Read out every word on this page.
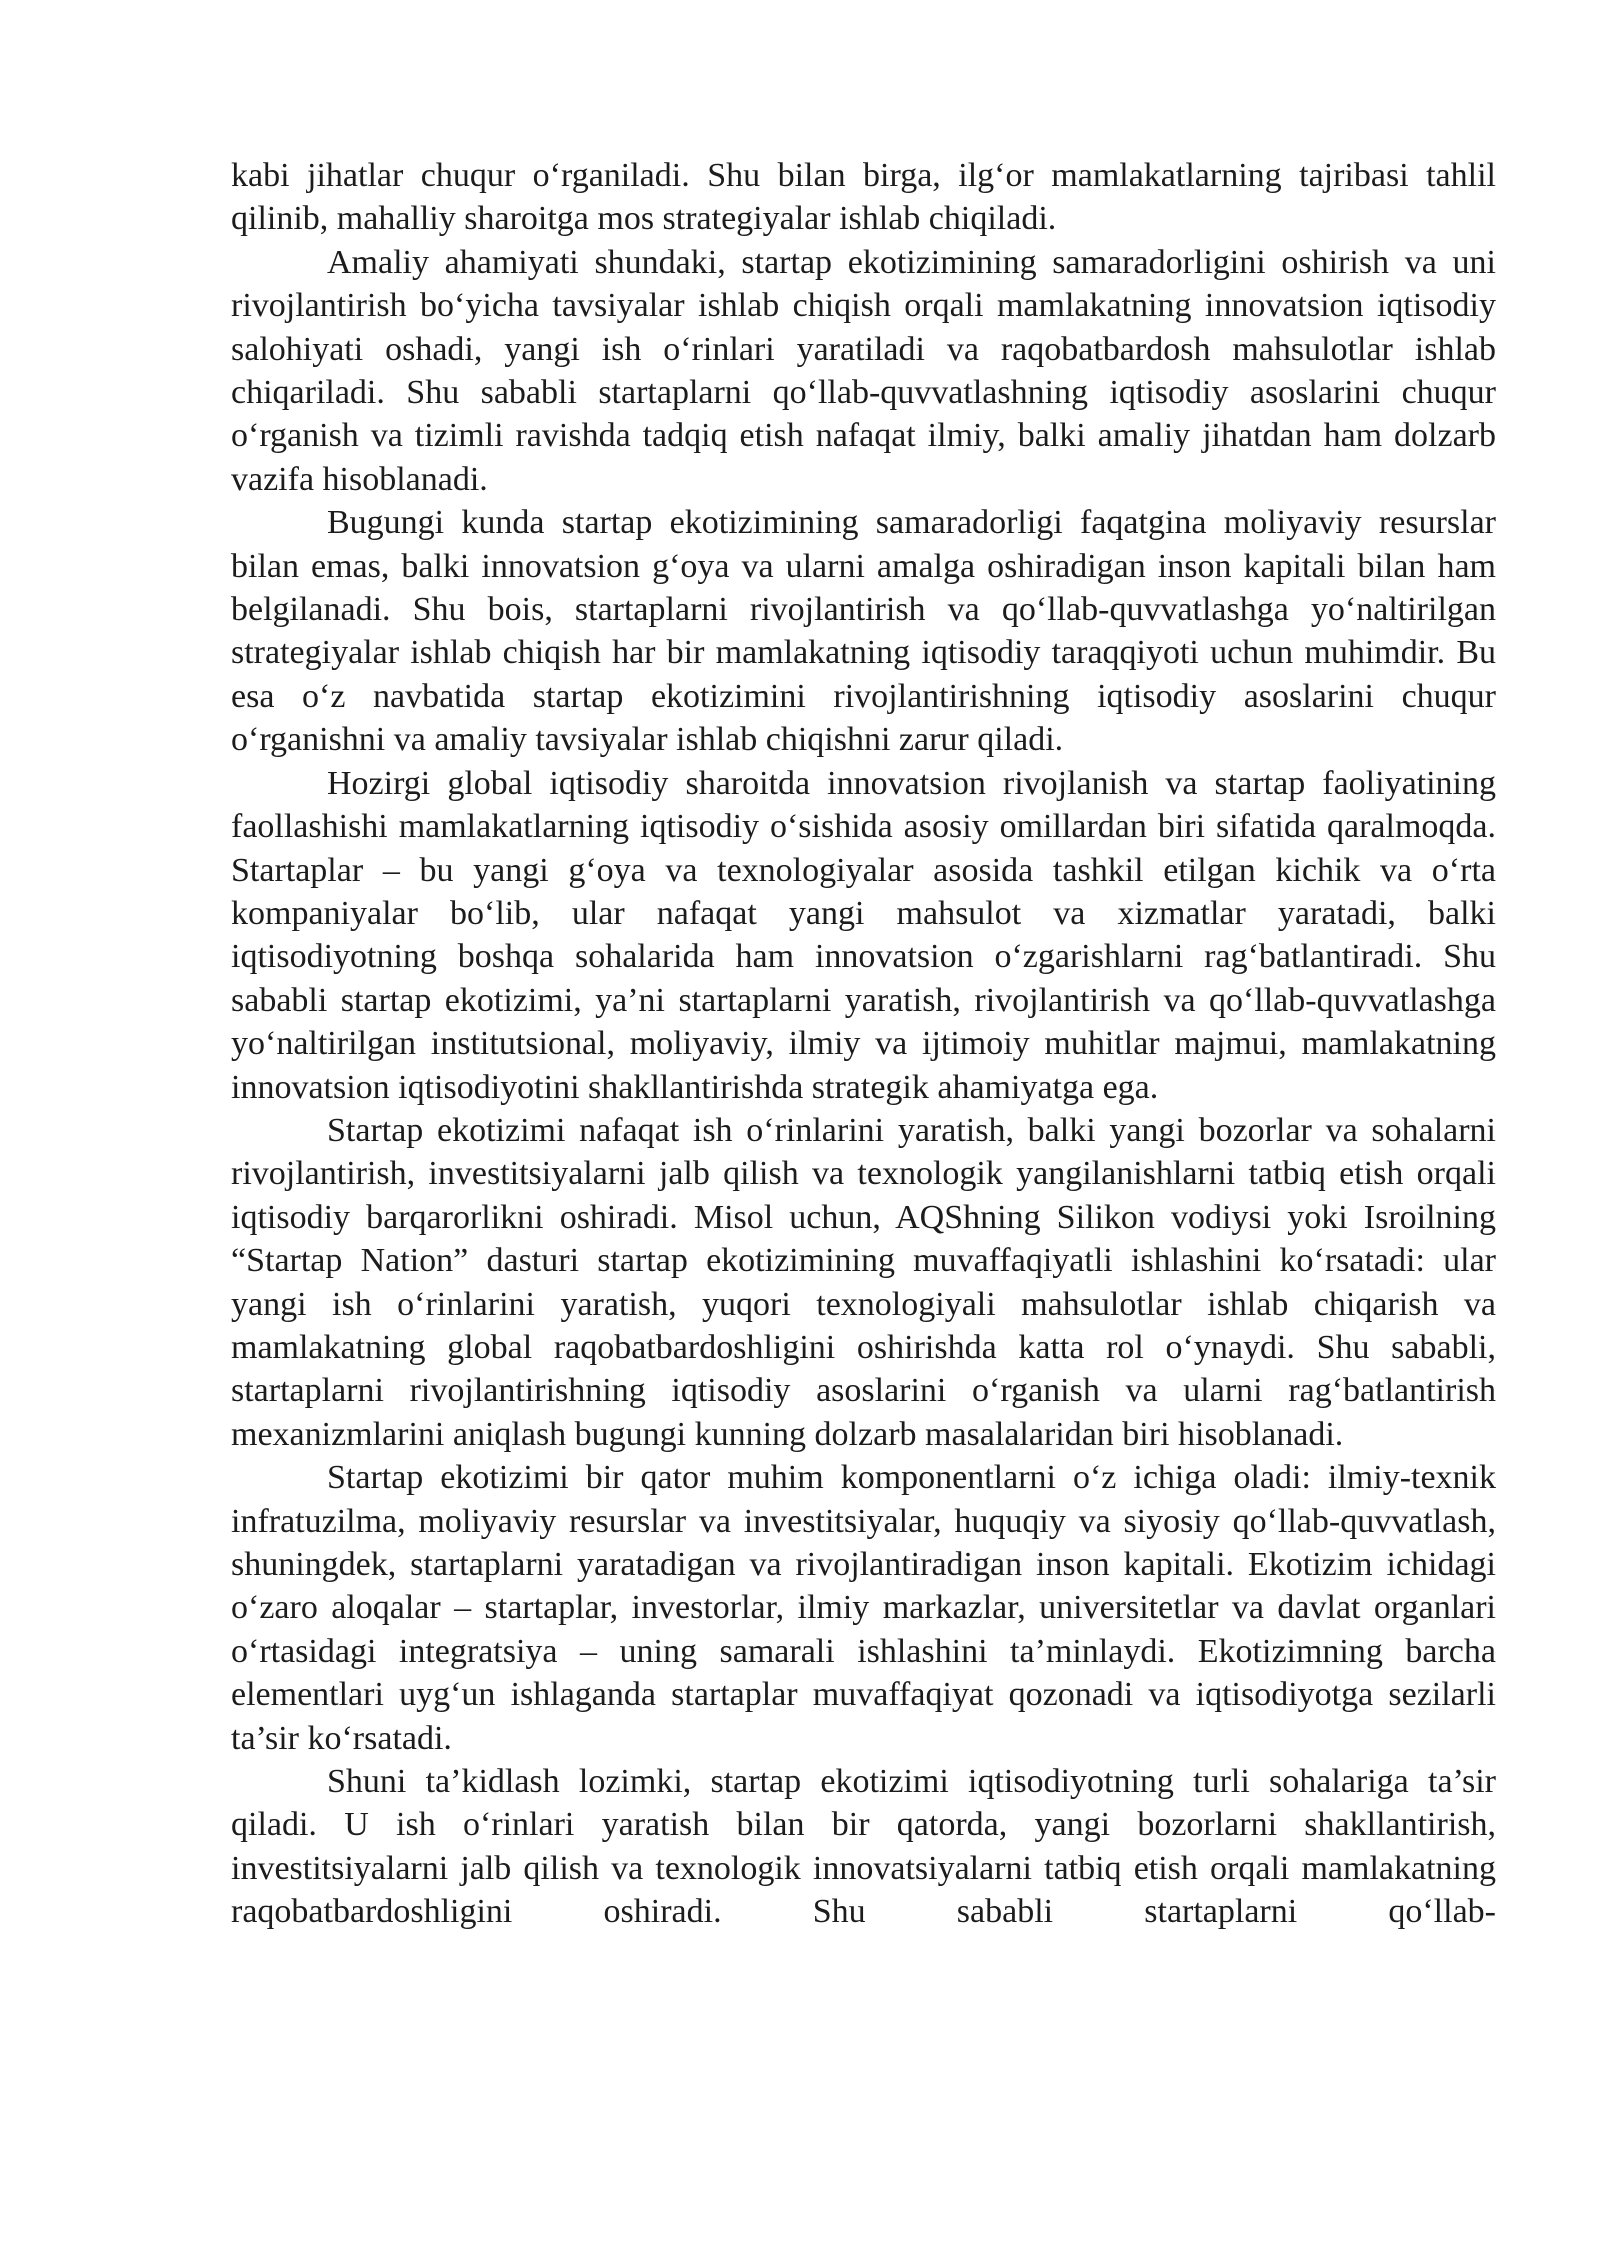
kabi jihatlar chuqur o‘rganiladi. Shu bilan birga, ilg‘or mamlakatlarning tajribasi tahlil qilinib, mahalliy sharoitga mos strategiyalar ishlab chiqiladi.

Amaliy ahamiyati shundaki, startap ekotizimining samaradorligini oshirish va uni rivojlantirish bo‘yicha tavsiyalar ishlab chiqish orqali mamlakatning innovatsion iqtisodiy salohiyati oshadi, yangi ish o‘rinlari yaratiladi va raqobatbardosh mahsulotlar ishlab chiqariladi. Shu sababli startaplarni qo‘llab-quvvatlashning iqtisodiy asoslarini chuqur o‘rganish va tizimli ravishda tadqiq etish nafaqat ilmiy, balki amaliy jihatdan ham dolzarb vazifa hisoblanadi.

Bugungi kunda startap ekotizimining samaradorligi faqatgina moliyaviy resurslar bilan emas, balki innovatsion g‘oya va ularni amalga oshiradigan inson kapitali bilan ham belgilanadi. Shu bois, startaplarni rivojlantirish va qo‘llab-quvvatlashga yo‘naltirilgan strategiyalar ishlab chiqish har bir mamlakatning iqtisodiy taraqqiyoti uchun muhimdir. Bu esa o‘z navbatida startap ekotizimini rivojlantirishning iqtisodiy asoslarini chuqur o‘rganishni va amaliy tavsiyalar ishlab chiqishni zarur qiladi.

Hozirgi global iqtisodiy sharoitda innovatsion rivojlanish va startap faoliyatining faollashishi mamlakatlarning iqtisodiy o‘sishida asosiy omillardan biri sifatida qaralmoqda. Startaplar – bu yangi g‘oya va texnologiyalar asosida tashkil etilgan kichik va o‘rta kompaniyalar bo‘lib, ular nafaqat yangi mahsulot va xizmatlar yaratadi, balki iqtisodiyotning boshqa sohalarida ham innovatsion o‘zgarishlarni rag‘batlantiradi. Shu sababli startap ekotizimi, ya’ni startaplarni yaratish, rivojlantirish va qo‘llab-quvvatlashga yo‘naltirilgan institutsional, moliyaviy, ilmiy va ijtimoiy muhitlar majmui, mamlakatning innovatsion iqtisodiyotini shakllantirishda strategik ahamiyatga ega.

Startap ekotizimi nafaqat ish o‘rinlarini yaratish, balki yangi bozorlar va sohalarni rivojlantirish, investitsiyalarni jalb qilish va texnologik yangilanishlarni tatbiq etish orqali iqtisodiy barqarorlikni oshiradi. Misol uchun, AQShning Silikon vodiysi yoki Isroilning “Startap Nation” dasturi startap ekotizimining muvaffaqiyatli ishlashini ko‘rsatadi: ular yangi ish o‘rinlarini yaratish, yuqori texnologiyali mahsulotlar ishlab chiqarish va mamlakatning global raqobatbardoshligini oshirishda katta rol o‘ynaydi. Shu sababli, startaplarni rivojlantirishning iqtisodiy asoslarini o‘rganish va ularni rag‘batlantirish mexanizmlarini aniqlash bugungi kunning dolzarb masalalaridan biri hisoblanadi.

Startap ekotizimi bir qator muhim komponentlarni o‘z ichiga oladi: ilmiy-texnik infratuzilma, moliyaviy resurslar va investitsiyalar, huquqiy va siyosiy qo‘llab-quvvatlash, shuningdek, startaplarni yaratadigan va rivojlantiradigan inson kapitali. Ekotizim ichidagi o‘zaro aloqalar – startaplar, investorlar, ilmiy markazlar, universitetlar va davlat organlari o‘rtasidagi integratsiya – uning samarali ishlashini ta’minlaydi. Ekotizimning barcha elementlari uyg‘un ishlaganda startaplar muvaffaqiyat qozonadi va iqtisodiyotga sezilarli ta’sir ko‘rsatadi.

Shuni ta’kidlash lozimki, startap ekotizimi iqtisodiyotning turli sohalariga ta’sir qiladi. U ish o‘rinlari yaratish bilan bir qatorda, yangi bozorlarni shakllantirish, investitsiyalarni jalb qilish va texnologik innovatsiyalarni tatbiq etish orqali mamlakatning raqobatbardoshligini oshiradi. Shu sababli startaplarni qo‘llab-
